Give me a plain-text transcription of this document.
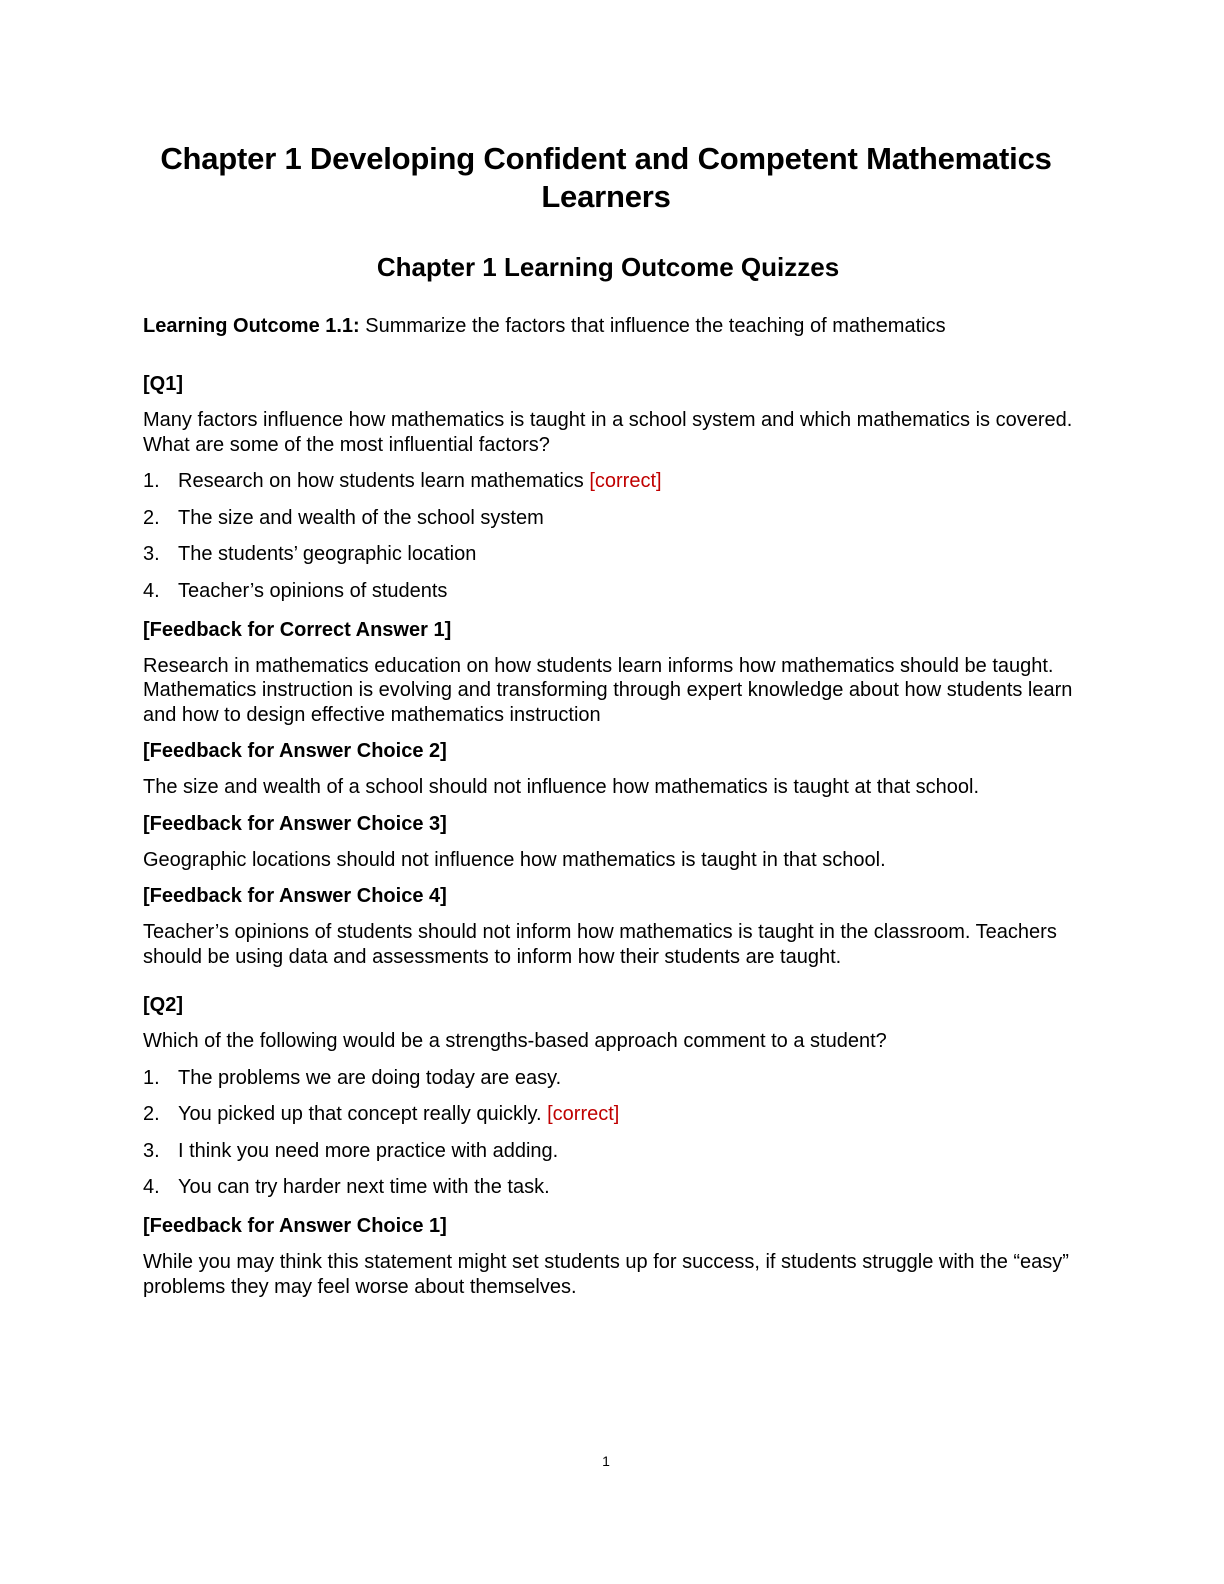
Chapter 1 Developing Confident and Competent Mathematics Learners
Chapter 1 Learning Outcome Quizzes

Learning Outcome 1.1: Summarize the factors that influence the teaching of mathematics

[Q1]

Many factors influence how mathematics is taught in a school system and which mathematics is covered. What are some of the most influential factors?

1. Research on how students learn mathematics [correct]
2. The size and wealth of the school system
3. The students’ geographic location
4. Teacher’s opinions of students

[Feedback for Correct Answer 1]

Research in mathematics education on how students learn informs how mathematics should be taught. Mathematics instruction is evolving and transforming through expert knowledge about how students learn and how to design effective mathematics instruction

[Feedback for Answer Choice 2]

The size and wealth of a school should not influence how mathematics is taught at that school.

[Feedback for Answer Choice 3]

Geographic locations should not influence how mathematics is taught in that school.

[Feedback for Answer Choice 4]

Teacher’s opinions of students should not inform how mathematics is taught in the classroom. Teachers should be using data and assessments to inform how their students are taught.

[Q2]

Which of the following would be a strengths-based approach comment to a student?

1. The problems we are doing today are easy.
2. You picked up that concept really quickly. [correct]
3. I think you need more practice with adding.
4. You can try harder next time with the task.

[Feedback for Answer Choice 1]

While you may think this statement might set students up for success, if students struggle with the “easy” problems they may feel worse about themselves.

1
